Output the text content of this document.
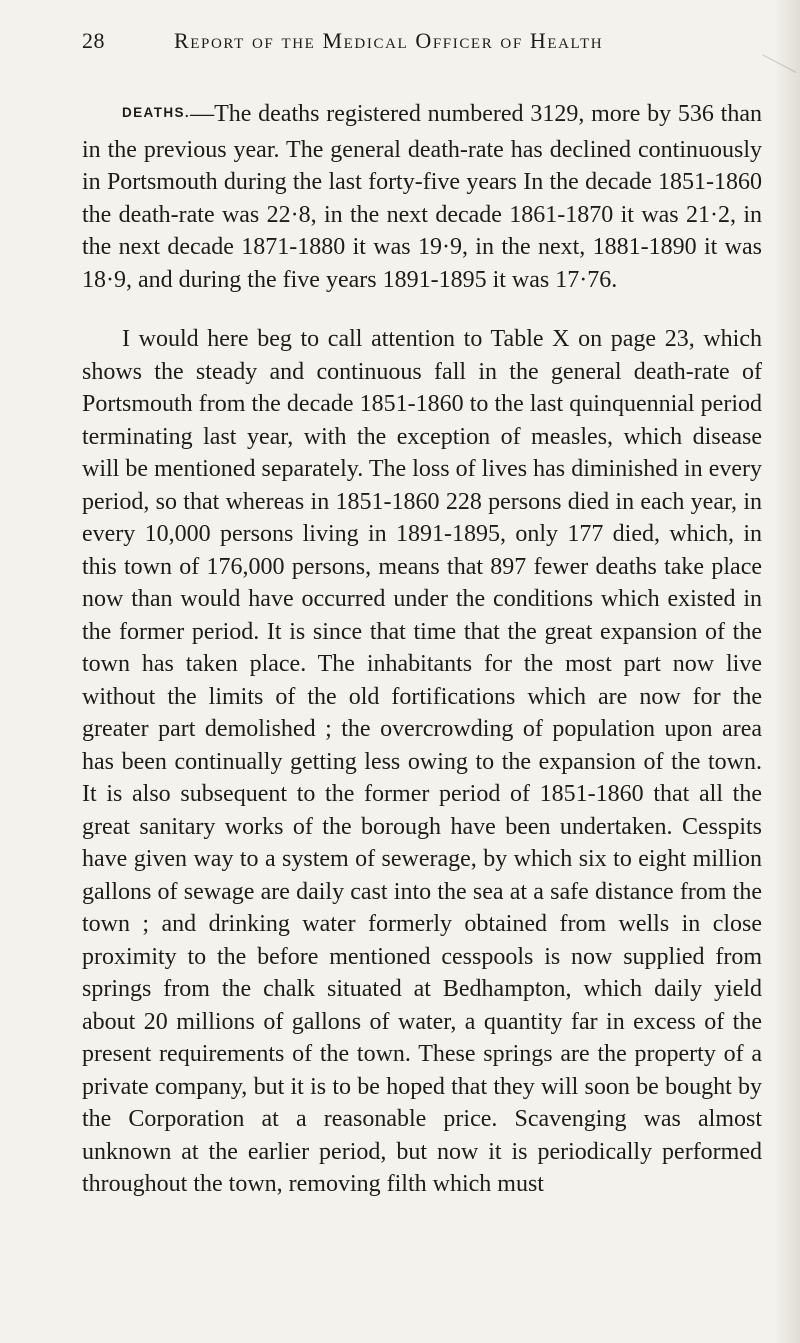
28	Report of the Medical Officer of Health

DEATHS.—The deaths registered numbered 3129, more by 536 than in the previous year. The general death-rate has declined continuously in Portsmouth during the last forty-five years In the decade 1851-1860 the death-rate was 22·8, in the next decade 1861-1870 it was 21·2, in the next decade 1871-1880 it was 19·9, in the next, 1881-1890 it was 18·9, and during the five years 1891-1895 it was 17·76.

I would here beg to call attention to Table X on page 23, which shows the steady and continuous fall in the general death-rate of Portsmouth from the decade 1851-1860 to the last quinquennial period terminating last year, with the exception of measles, which disease will be mentioned separately. The loss of lives has diminished in every period, so that whereas in 1851-1860 228 persons died in each year, in every 10,000 persons living in 1891-1895, only 177 died, which, in this town of 176,000 persons, means that 897 fewer deaths take place now than would have occurred under the conditions which existed in the former period. It is since that time that the great expansion of the town has taken place. The inhabitants for the most part now live without the limits of the old fortifications which are now for the greater part demolished ; the overcrowding of population upon area has been continually getting less owing to the expansion of the town. It is also subsequent to the former period of 1851-1860 that all the great sanitary works of the borough have been undertaken. Cesspits have given way to a system of sewerage, by which six to eight million gallons of sewage are daily cast into the sea at a safe distance from the town ; and drinking water formerly obtained from wells in close proximity to the before mentioned cesspools is now supplied from springs from the chalk situated at Bedhampton, which daily yield about 20 millions of gallons of water, a quantity far in excess of the present requirements of the town. These springs are the property of a private company, but it is to be hoped that they will soon be bought by the Corporation at a reasonable price. Scavenging was almost unknown at the earlier period, but now it is periodically performed throughout the town, removing filth which must
